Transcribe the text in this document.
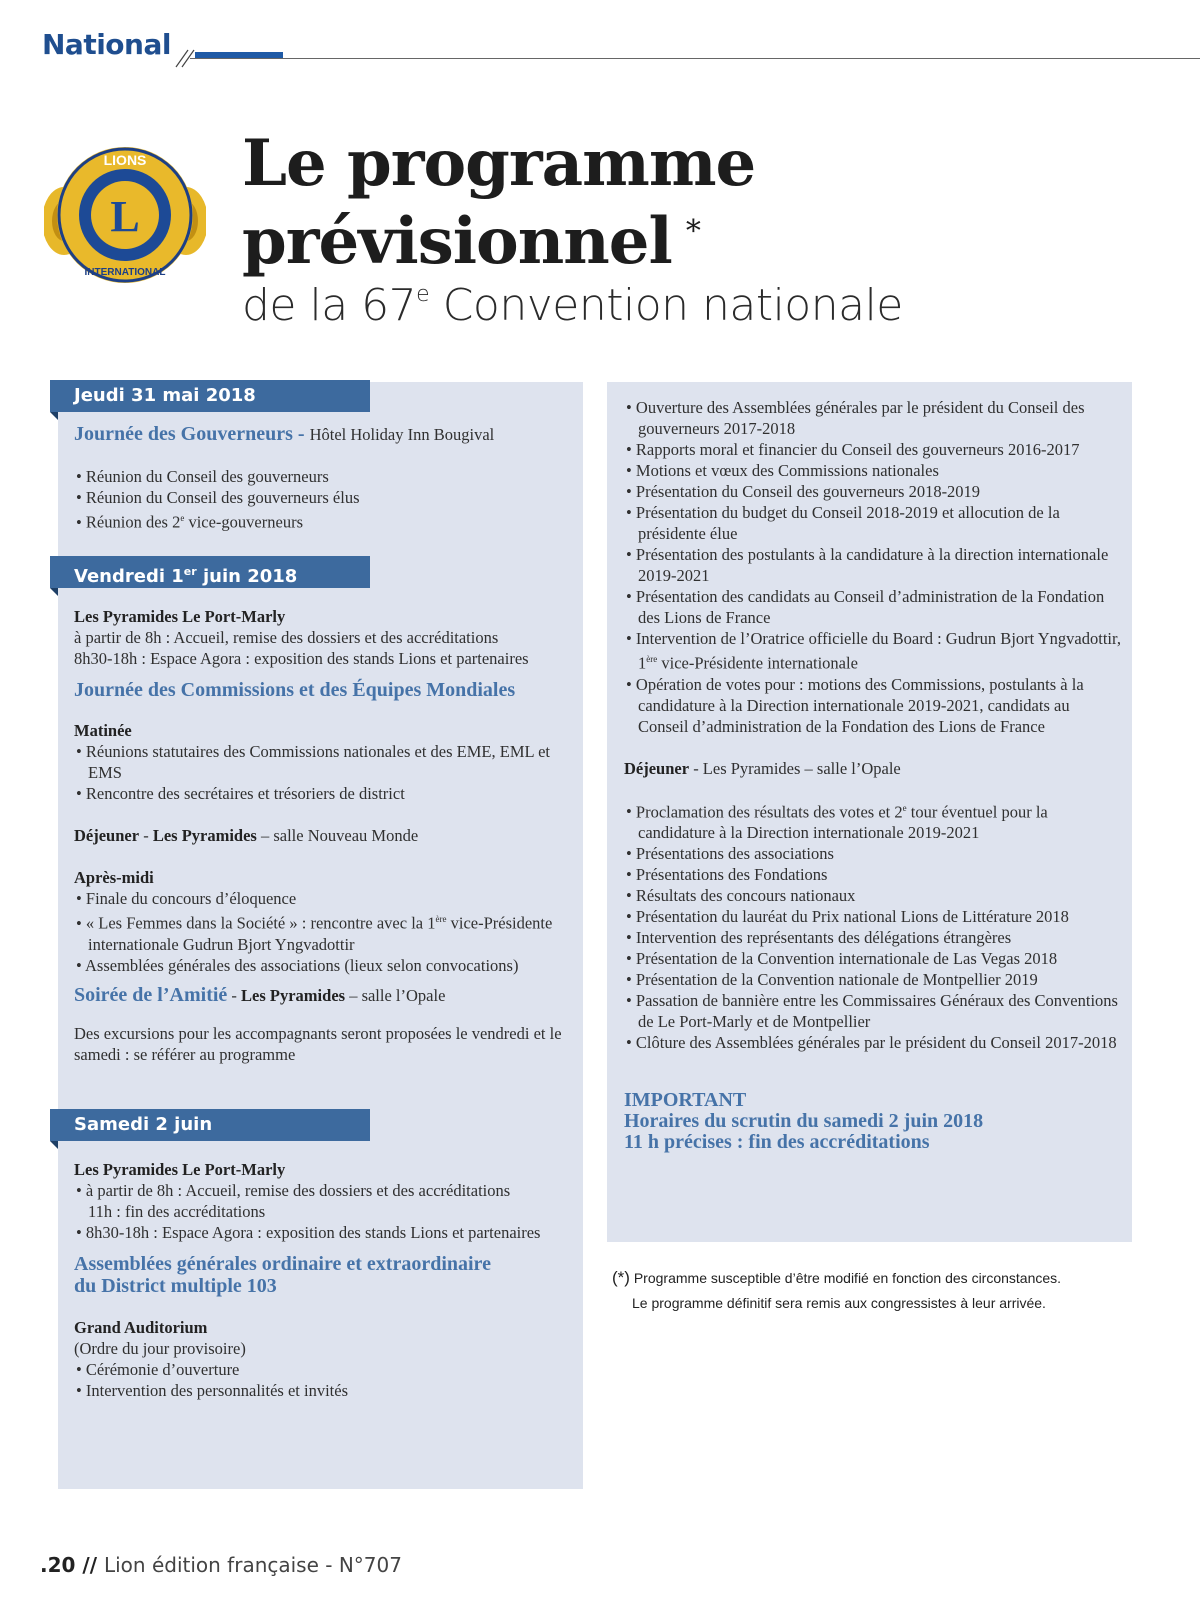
National
L
LIONS
INTERNATIONAL
Le programme
prévisionnel *
de la 67e Convention nationale
Jeudi 31 mai 2018
Vendredi 1er juin 2018
Samedi 2 juin
Journée des Gouverneurs - Hôtel Holiday Inn Bougival
• Réunion du Conseil des gouverneurs
• Réunion du Conseil des gouverneurs élus
• Réunion des 2e vice-gouverneurs
Les Pyramides Le Port-Marly
à partir de 8h : Accueil, remise des dossiers et des accréditations
8h30-18h : Espace Agora : exposition des stands Lions et partenaires
Journée des Commissions et des Équipes Mondiales
Matinée
• Réunions statutaires des Commissions nationales et des EME, EML et EMS
• Rencontre des secrétaires et trésoriers de district
Déjeuner - Les Pyramides – salle Nouveau Monde
Après-midi
• Finale du concours d’éloquence
• « Les Femmes dans la Société » : rencontre avec la 1ère vice-Présidente internationale Gudrun Bjort Yngvadottir
• Assemblées générales des associations (lieux selon convocations)
Soirée de l’Amitié - Les Pyramides – salle l’Opale
Des excursions pour les accompagnants seront proposées le vendredi et le samedi : se référer au programme
Les Pyramides Le Port-Marly
• à partir de 8h : Accueil, remise des dossiers et des accréditations
11h : fin des accréditations
• 8h30-18h : Espace Agora : exposition des stands Lions et partenaires
Assemblées générales ordinaire et extraordinaire
du District multiple 103
Grand Auditorium
(Ordre du jour provisoire)
• Cérémonie d’ouverture
• Intervention des personnalités et invités
• Ouverture des Assemblées générales par le président du Conseil des gouverneurs 2017-2018
• Rapports moral et financier du Conseil des gouverneurs 2016-2017
• Motions et vœux des Commissions nationales
• Présentation du Conseil des gouverneurs 2018-2019
• Présentation du budget du Conseil 2018-2019 et allocution de la présidente élue
• Présentation des postulants à la candidature à la direction internationale 2019-2021
• Présentation des candidats au Conseil d’administration de la Fondation des Lions de France
• Intervention de l’Oratrice officielle du Board : Gudrun Bjort Yngvadottir, 1ère vice-Présidente internationale
• Opération de votes pour : motions des Commissions, postulants à la candidature à la Direction internationale 2019-2021, candidats au Conseil d’administration de la Fondation des Lions de France
Déjeuner - Les Pyramides – salle l’Opale
• Proclamation des résultats des votes et 2e tour éventuel pour la candidature à la Direction internationale 2019-2021
• Présentations des associations
• Présentations des Fondations
• Résultats des concours nationaux
• Présentation du lauréat du Prix national Lions de Littérature 2018
• Intervention des représentants des délégations étrangères
• Présentation de la Convention internationale de Las Vegas 2018
• Présentation de la Convention nationale de Montpellier 2019
• Passation de bannière entre les Commissaires Généraux des Conventions de Le Port-Marly et de Montpellier
• Clôture des Assemblées générales par le président du Conseil 2017-2018
IMPORTANT
Horaires du scrutin du samedi 2 juin 2018
11 h précises : fin des accréditations
(*) Programme susceptible d’être modifié en fonction des circonstances.
Le programme définitif sera remis aux congressistes à leur arrivée.
.20 // Lion édition française - N°707
